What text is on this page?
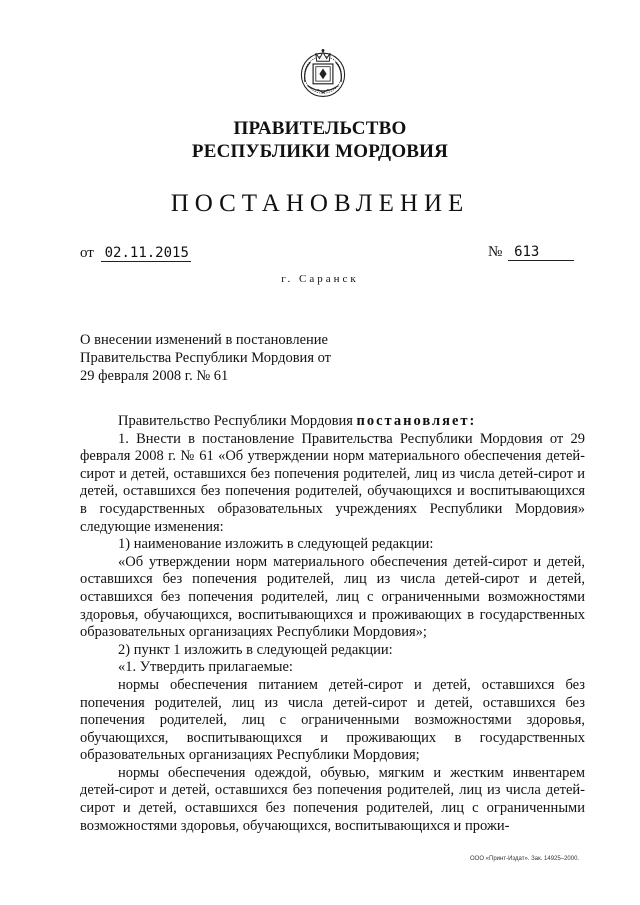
ПРАВИТЕЛЬСТВО
РЕСПУБЛИКИ МОРДОВИЯ
ПОСТАНОВЛЕНИЕ
от 02.11.2015	№ 613
г. Саранск
О внесении изменений в постановление
Правительства Республики Мордовия от
29 февраля 2008 г. № 61

Правительство Республики Мордовия постановляет:

1. Внести в постановление Правительства Республики Мордовия от 29 февраля 2008 г. № 61 «Об утверждении норм материального обеспечения детей-сирот и детей, оставшихся без попечения родителей, лиц из числа детей-сирот и детей, оставшихся без попечения родителей, обучающихся и воспитывающихся в государственных образовательных учреждениях Республики Мордовия» следующие изменения:

1) наименование изложить в следующей редакции:

«Об утверждении норм материального обеспечения детей-сирот и детей, оставшихся без попечения родителей, лиц из числа детей-сирот и детей, оставшихся без попечения родителей, лиц с ограниченными возможностями здоровья, обучающихся, воспитывающихся и проживающих в государственных образовательных организациях Республики Мордовия»;

2) пункт 1 изложить в следующей редакции:

«1. Утвердить прилагаемые:

нормы обеспечения питанием детей-сирот и детей, оставшихся без попечения родителей, лиц из числа детей-сирот и детей, оставшихся без попечения родителей, лиц с ограниченными возможностями здоровья, обучающихся, воспитывающихся и проживающих в государственных образовательных организациях Республики Мордовия;

нормы обеспечения одеждой, обувью, мягким и жестким инвентарем детей-сирот и детей, оставшихся без попечения родителей, лиц из числа детей-сирот и детей, оставшихся без попечения родителей, лиц с ограниченными возможностями здоровья, обучающихся, воспитывающихся и прожи-

ООО «Принт-Издат». Зак. 14925–2000.
